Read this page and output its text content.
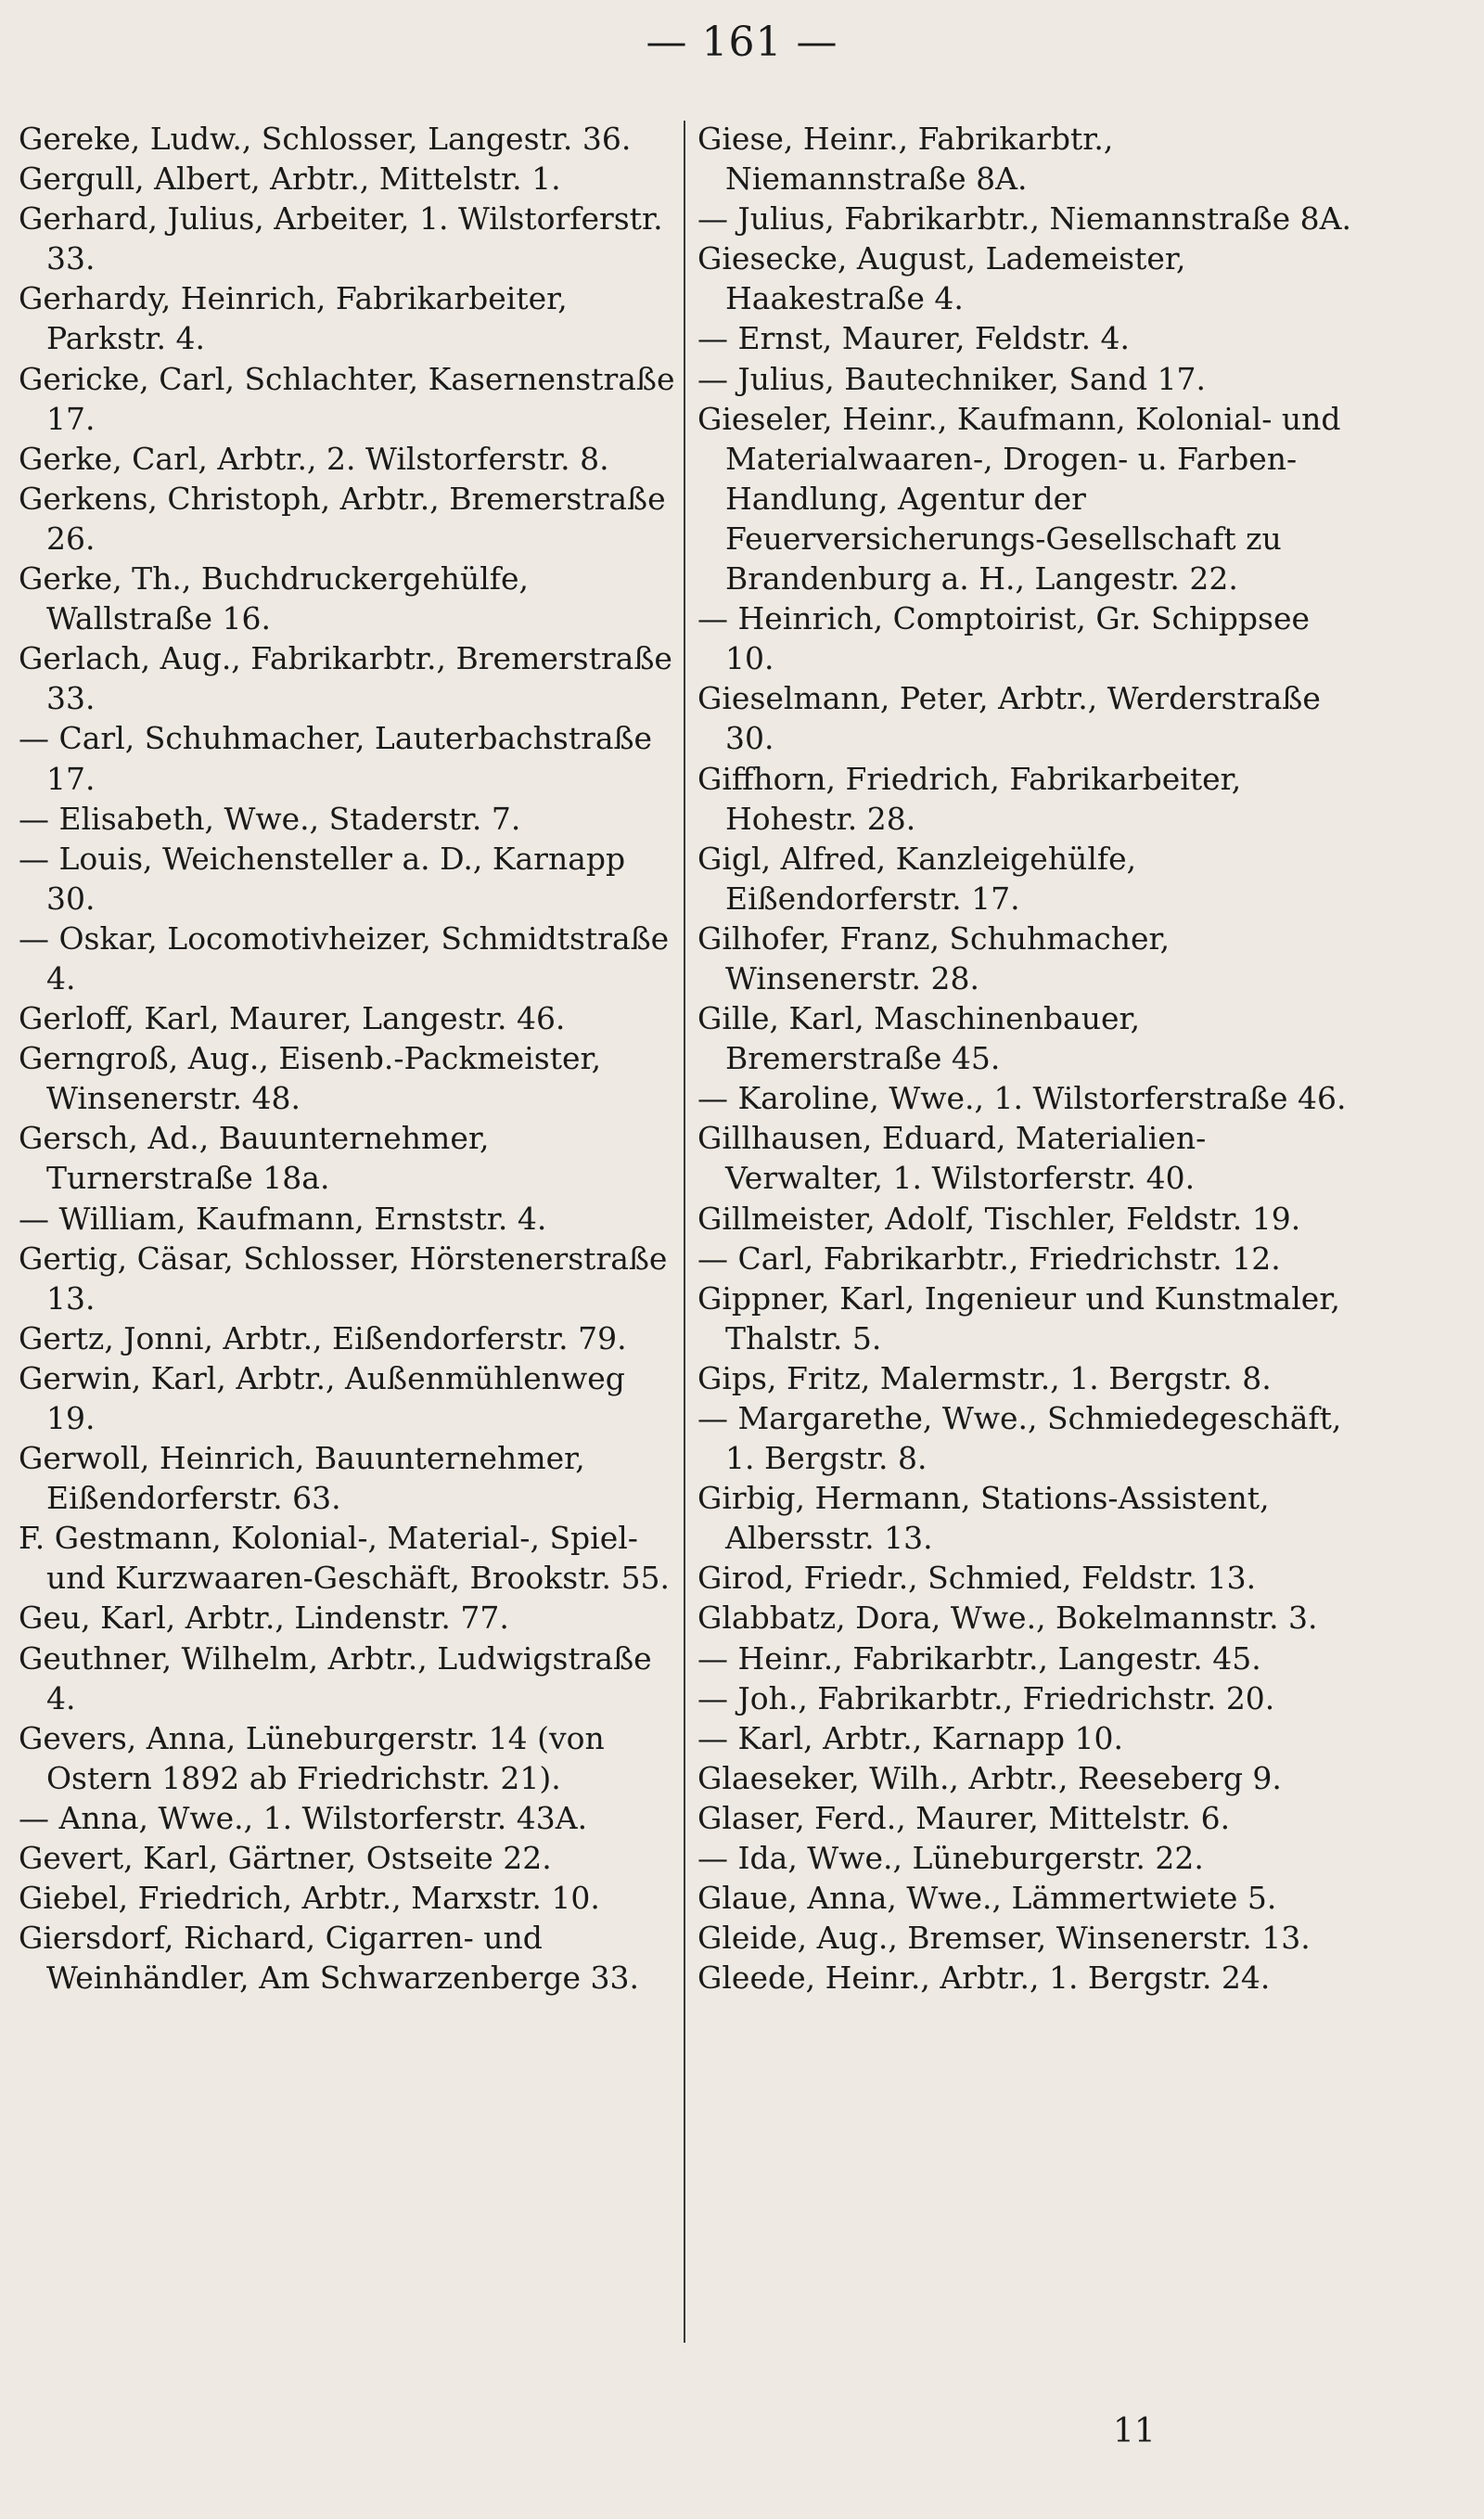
— 161 —

Gereke, Ludw., Schlosser, Langestr. 36.

Gergull, Albert, Arbtr., Mittelstr. 1.

Gerhard, Julius, Arbeiter, 1. Wilstorferstr. 33.

Gerhardy, Heinrich, Fabrikarbeiter, Parkstr. 4.

Gericke, Carl, Schlachter, Kasernenstraße 17.

Gerke, Carl, Arbtr., 2. Wilstorferstr. 8.

Gerkens, Christoph, Arbtr., Bremerstraße 26.

Gerke, Th., Buchdruckergehülfe, Wallstraße 16.

Gerlach, Aug., Fabrikarbtr., Bremerstraße 33.

— Carl, Schuhmacher, Lauterbachstraße 17.

— Elisabeth, Wwe., Staderstr. 7.

— Louis, Weichensteller a. D., Karnapp 30.

— Oskar, Locomotivheizer, Schmidtstraße 4.

Gerloff, Karl, Maurer, Langestr. 46.

Gerngroß, Aug., Eisenb.-Packmeister, Winsenerstr. 48.

Gersch, Ad., Bauunternehmer, Turnerstraße 18a.

— William, Kaufmann, Ernststr. 4.

Gertig, Cäsar, Schlosser, Hörstenerstraße 13.

Gertz, Jonni, Arbtr., Eißendorferstr. 79.

Gerwin, Karl, Arbtr., Außenmühlenweg 19.

Gerwoll, Heinrich, Bauunternehmer, Eißendorferstr. 63.

F. Gestmann, Kolonial-, Material-, Spiel- und Kurzwaaren-Geschäft, Brookstr. 55.

Geu, Karl, Arbtr., Lindenstr. 77.

Geuthner, Wilhelm, Arbtr., Ludwigstraße 4.

Gevers, Anna, Lüneburgerstr. 14 (von Ostern 1892 ab Friedrichstr. 21).

— Anna, Wwe., 1. Wilstorferstr. 43A.

Gevert, Karl, Gärtner, Ostseite 22.

Giebel, Friedrich, Arbtr., Marxstr. 10.

Giersdorf, Richard, Cigarren- und Weinhändler, Am Schwarzenberge 33.

Giese, Heinr., Fabrikarbtr., Niemannstraße 8A.

— Julius, Fabrikarbtr., Niemannstraße 8A.

Giesecke, August, Lademeister, Haakestraße 4.

— Ernst, Maurer, Feldstr. 4.

— Julius, Bautechniker, Sand 17.

Gieseler, Heinr., Kaufmann, Kolonial- und Materialwaaren-, Drogen- u. Farben-Handlung, Agentur der Feuerversicherungs-Gesellschaft zu Brandenburg a. H., Langestr. 22.

— Heinrich, Comptoirist, Gr. Schippsee 10.

Gieselmann, Peter, Arbtr., Werderstraße 30.

Giffhorn, Friedrich, Fabrikarbeiter, Hohestr. 28.

Gigl, Alfred, Kanzleigehülfe, Eißendorferstr. 17.

Gilhofer, Franz, Schuhmacher, Winsenerstr. 28.

Gille, Karl, Maschinenbauer, Bremerstraße 45.

— Karoline, Wwe., 1. Wilstorferstraße 46.

Gillhausen, Eduard, Materialien-Verwalter, 1. Wilstorferstr. 40.

Gillmeister, Adolf, Tischler, Feldstr. 19.

— Carl, Fabrikarbtr., Friedrichstr. 12.

Gippner, Karl, Ingenieur und Kunstmaler, Thalstr. 5.

Gips, Fritz, Malermstr., 1. Bergstr. 8.

— Margarethe, Wwe., Schmiedegeschäft, 1. Bergstr. 8.

Girbig, Hermann, Stations-Assistent, Albersstr. 13.

Girod, Friedr., Schmied, Feldstr. 13.

Glabbatz, Dora, Wwe., Bokelmannstr. 3.

— Heinr., Fabrikarbtr., Langestr. 45.

— Joh., Fabrikarbtr., Friedrichstr. 20.

— Karl, Arbtr., Karnapp 10.

Glaeseker, Wilh., Arbtr., Reeseberg 9.

Glaser, Ferd., Maurer, Mittelstr. 6.

— Ida, Wwe., Lüneburgerstr. 22.

Glaue, Anna, Wwe., Lämmertwiete 5.

Gleide, Aug., Bremser, Winsenerstr. 13.

Gleede, Heinr., Arbtr., 1. Bergstr. 24.

11
